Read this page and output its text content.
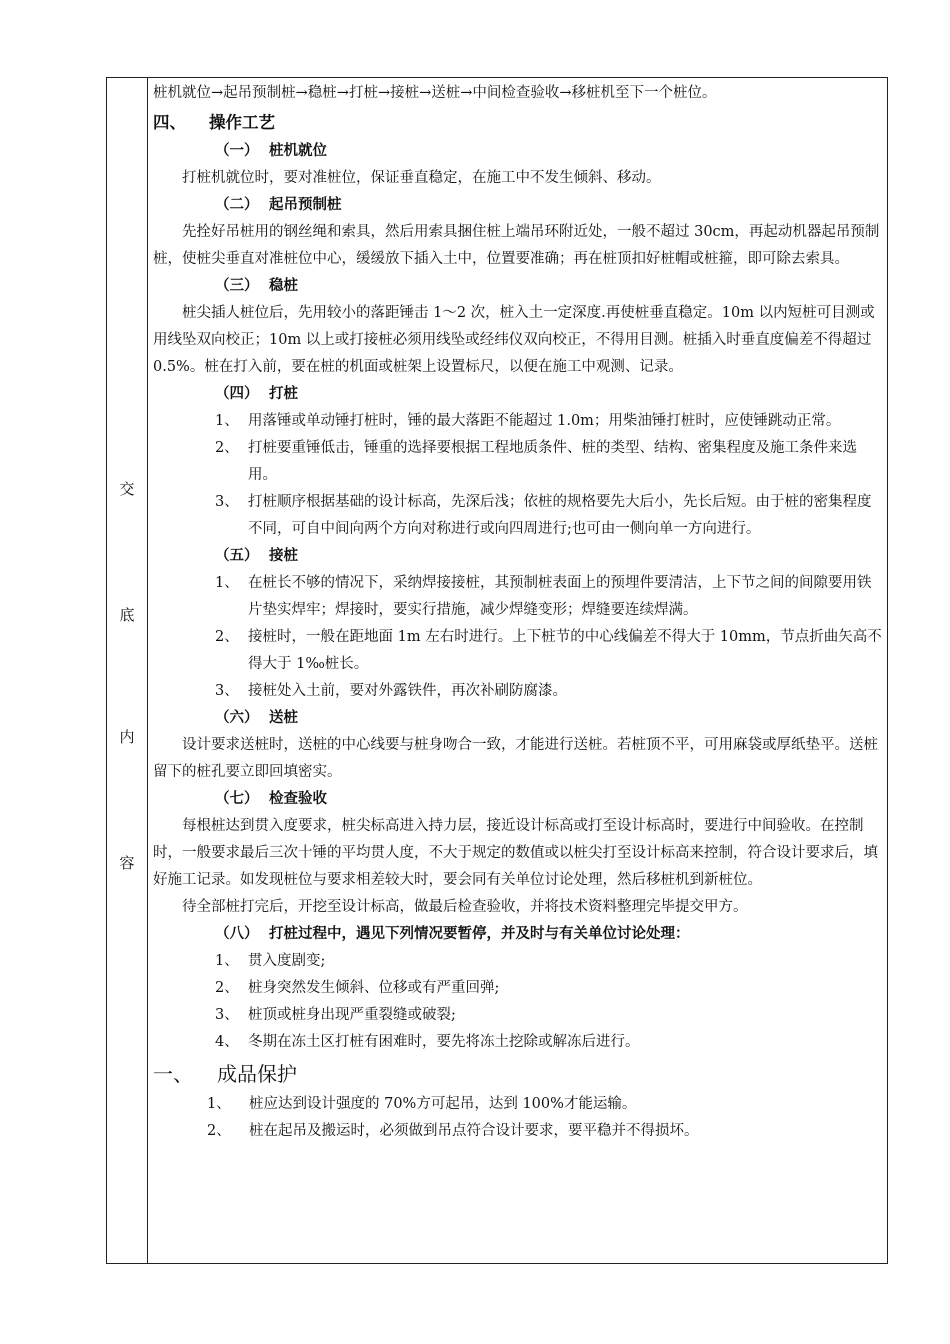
交
底
内
容

桩机就位→起吊预制桩→稳桩→打桩→接桩→送桩→中间检查验收→移桩机至下一个桩位。

四、 操作工艺
（一） 桩机就位

打桩机就位时，要对准桩位，保证垂直稳定，在施工中不发生倾斜、移动。

（二） 起吊预制桩

先拴好吊桩用的钢丝绳和索具，然后用索具捆住桩上端吊环附近处，一般不超过 30cm，再起动机器起吊预制桩，使桩尖垂直对准桩位中心，缓缓放下插入土中，位置要准确；再在桩顶扣好桩帽或桩箍，即可除去索具。

（三） 稳桩

桩尖插人桩位后，先用较小的落距锤击 1～2 次，桩入土一定深度.再使桩垂直稳定。10m 以内短桩可目测或用线坠双向校正；10m 以上或打接桩必须用线坠或经纬仪双向校正，不得用目测。桩插入时垂直度偏差不得超过 0.5%。桩在打入前，要在桩的机面或桩架上设置标尺，以便在施工中观测、记录。

（四） 打桩
1、 用落锤或单动锤打桩时，锤的最大落距不能超过 1.0m；用柴油锤打桩时，应使锤跳动正常。
2、 打桩要重锤低击，锤重的选择要根据工程地质条件、桩的类型、结构、密集程度及施工条件来选用。
3、 打桩顺序根据基础的设计标高，先深后浅；依桩的规格要先大后小，先长后短。由于桩的密集程度不同，可自中间向两个方向对称进行或向四周进行;也可由一侧向单一方向进行。
（五） 接桩
1、 在桩长不够的情况下，采纳焊接接桩，其预制桩表面上的预埋件要清洁，上下节之间的间隙要用铁片垫实焊牢；焊接时，要实行措施，减少焊缝变形；焊缝要连续焊满。
2、 接桩时，一般在距地面 1m 左右时进行。上下桩节的中心线偏差不得大于 10mm，节点折曲矢高不得大于 1‰桩长。
3、 接桩处入土前，要对外露铁件，再次补刷防腐漆。
（六） 送桩

设计要求送桩时，送桩的中心线要与桩身吻合一致，才能进行送桩。若桩顶不平，可用麻袋或厚纸垫平。送桩留下的桩孔要立即回填密实。

（七） 检查验收

每根桩达到贯入度要求，桩尖标高进入持力层，接近设计标高或打至设计标高时，要进行中间验收。在控制时，一般要求最后三次十锤的平均贯人度，不大于规定的数值或以桩尖打至设计标高来控制，符合设计要求后，填好施工记录。如发现桩位与要求相差较大时，要会同有关单位讨论处理，然后移桩机到新桩位。

待全部桩打完后，开挖至设计标高，做最后检查验收，并将技术资料整理完毕提交甲方。

（八） 打桩过程中，遇见下列情况要暂停，并及时与有关单位讨论处理：
1、 贯入度剧变;
2、 桩身突然发生倾斜、位移或有严重回弹;
3、 桩顶或桩身出现严重裂缝或破裂;
4、 冬期在冻土区打桩有困难时，要先将冻土挖除或解冻后进行。
一、 成品保护

1、 桩应达到设计强度的 70%方可起吊，达到 100%才能运输。

2、 桩在起吊及搬运时，必须做到吊点符合设计要求，要平稳并不得损坏。
